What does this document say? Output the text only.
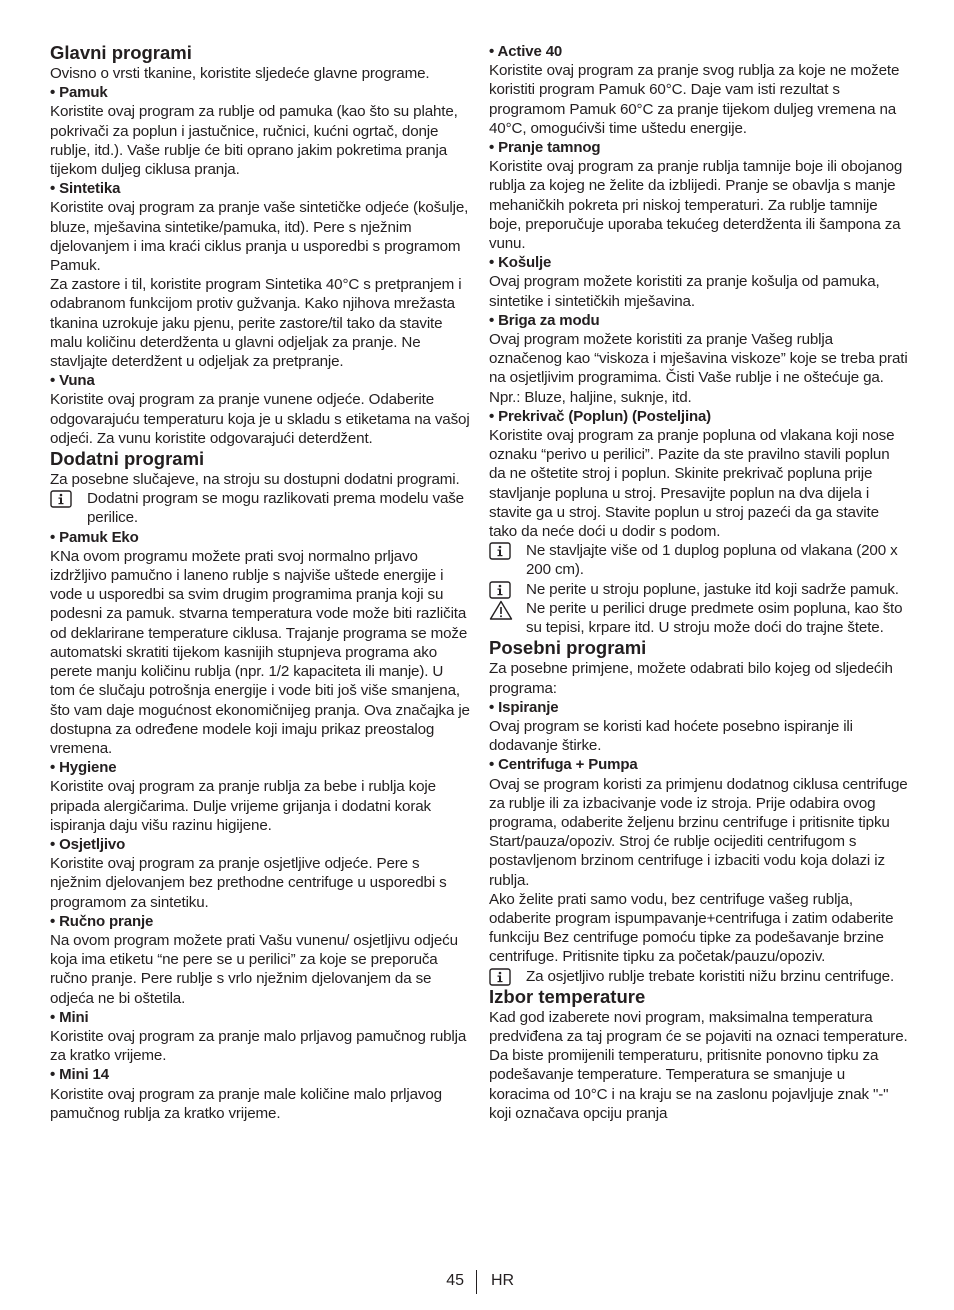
Glavni programi

Ovisno o vrsti tkanine, koristite sljedeće glavne programe.

• Pamuk

Koristite ovaj program za rublje od pamuka (kao što su plahte, pokrivači za poplun i jastučnice, ručnici, kućni ogrtač, donje rublje, itd.). Vaše rublje će biti oprano jakim pokretima pranja tijekom duljeg ciklusa pranja.

• Sintetika

Koristite ovaj program za pranje vaše sintetičke odjeće (košulje, bluze, mješavina sintetike/pamuka, itd). Pere s nježnim djelovanjem i ima kraći ciklus pranja u usporedbi s programom Pamuk.

Za zastore i til, koristite program Sintetika 40°C s pretpranjem i odabranom funkcijom protiv gužvanja. Kako njihova mrežasta tkanina uzrokuje jaku pjenu, perite zastore/til tako da stavite malu količinu deterdženta u glavni odjeljak za pranje. Ne stavljajte deterdžent u odjeljak za pretpranje.

• Vuna

Koristite ovaj program za pranje vunene odjeće. Odaberite odgovarajuću temperaturu koja je u skladu s etiketama na vašoj odjeći. Za vunu koristite odgovarajući deterdžent.

Dodatni programi

Za posebne slučajeve, na stroju su dostupni dodatni programi.

Dodatni program se mogu razlikovati prema modelu vaše perilice.

• Pamuk Eko

KNa ovom programu možete prati svoj normalno prljavo izdržljivo pamučno i laneno rublje s najviše uštede energije i vode u usporedbi sa svim drugim programima pranja koji su podesni za pamuk. stvarna temperatura vode može biti različita od deklarirane temperature ciklusa. Trajanje programa se može automatski skratiti tijekom kasnijih stupnjeva programa ako perete manju količinu rublja (npr. 1/2 kapaciteta ili manje). U tom će slučaju potrošnja energije i vode biti još više smanjena, što vam daje mogućnost ekonomičnijeg pranja. Ova značajka je dostupna za određene modele koji imaju prikaz preostalog vremena.

• Hygiene

Koristite ovaj program za pranje rublja za bebe i rublja koje pripada alergičarima. Dulje vrijeme grijanja i dodatni korak ispiranja daju višu razinu higijene.

• Osjetljivo

Koristite ovaj program za pranje osjetljive odjeće. Pere s nježnim djelovanjem bez prethodne centrifuge u usporedbi s programom za sintetiku.

• Ručno pranje

Na ovom program možete prati Vašu vunenu/ osjetljivu odjeću koja ima etiketu “ne pere se u perilici” za koje se preporuča ručno pranje. Pere rublje s vrlo nježnim djelovanjem da se odjeća ne bi oštetila.

• Mini

Koristite ovaj program za pranje malo prljavog pamučnog rublja za kratko vrijeme.

• Mini 14

Koristite ovaj program za pranje male količine malo prljavog pamučnog rublja za kratko vrijeme.

• Active 40

Koristite ovaj program za pranje svog rublja za koje ne možete koristiti program Pamuk 60°C. Daje vam isti rezultat s programom Pamuk 60°C za pranje tijekom duljeg vremena na 40°C, omogućivši time uštedu energije.

• Pranje tamnog

Koristite ovaj program za pranje rublja tamnije boje ili obojanog rublja za kojeg ne želite da izblijedi. Pranje se obavlja s manje mehaničkih pokreta pri niskoj temperaturi. Za rublje tamnije boje, preporučuje uporaba tekućeg deterdženta ili šampona za vunu.

• Košulje

Ovaj program možete koristiti za pranje košulja od pamuka, sintetike i sintetičkih mješavina.

• Briga za modu

Ovaj program možete koristiti za pranje Vašeg rublja označenog kao “viskoza i mješavina viskoze” koje se treba prati na osjetljivim programima. Čisti Vaše rublje i ne oštećuje ga. Npr.: Bluze, haljine, suknje, itd.

• Prekrivač (Poplun) (Posteljina)

Koristite ovaj program za pranje popluna od vlakana koji nose oznaku “perivo u perilici”. Pazite da ste pravilno stavili poplun da ne oštetite stroj i poplun. Skinite prekrivač popluna prije stavljanje popluna u stroj. Presavijte poplun na dva dijela i stavite ga u stroj. Stavite poplun u stroj pazeći da ga stavite tako da neće doći u dodir s podom.

Ne stavljajte više od 1 duplog popluna od vlakana (200 x 200 cm).

Ne perite u stroju poplune, jastuke itd koji sadrže pamuk.

Ne perite u perilici druge predmete osim popluna, kao što su tepisi, krpare itd. U stroju može doći do trajne štete.

Posebni programi

Za posebne primjene, možete odabrati bilo kojeg od sljedećih programa:

• Ispiranje

Ovaj program se koristi kad hoćete posebno ispiranje ili dodavanje štirke.

• Centrifuga + Pumpa

Ovaj se program koristi za primjenu dodatnog ciklusa centrifuge za rublje ili za izbacivanje vode iz stroja. Prije odabira ovog programa, odaberite željenu brzinu centrifuge i pritisnite tipku Start/pauza/opoziv. Stroj će rublje ocijediti centrifugom s postavljenom brzinom centrifuge i izbaciti vodu koja dolazi iz rublja.

Ako želite prati samo vodu, bez centrifuge vašeg rublja, odaberite program ispumpavanje+centrifuga i zatim odaberite funkciju Bez centrifuge pomoću tipke za podešavanje brzine centrifuge. Pritisnite tipku za početak/pauzu/opoziv.

Za osjetljivo rublje trebate koristiti nižu brzinu centrifuge.

Izbor temperature

Kad god izaberete novi program, maksimalna temperatura predviđena za taj program će se pojaviti na oznaci temperature.

Da biste promijenili temperaturu, pritisnite ponovno tipku za podešavanje temperature. Temperatura se smanjuje u koracima od 10°C i na kraju se na zaslonu pojavljuje znak "-" koji označava opciju pranja

45 HR
